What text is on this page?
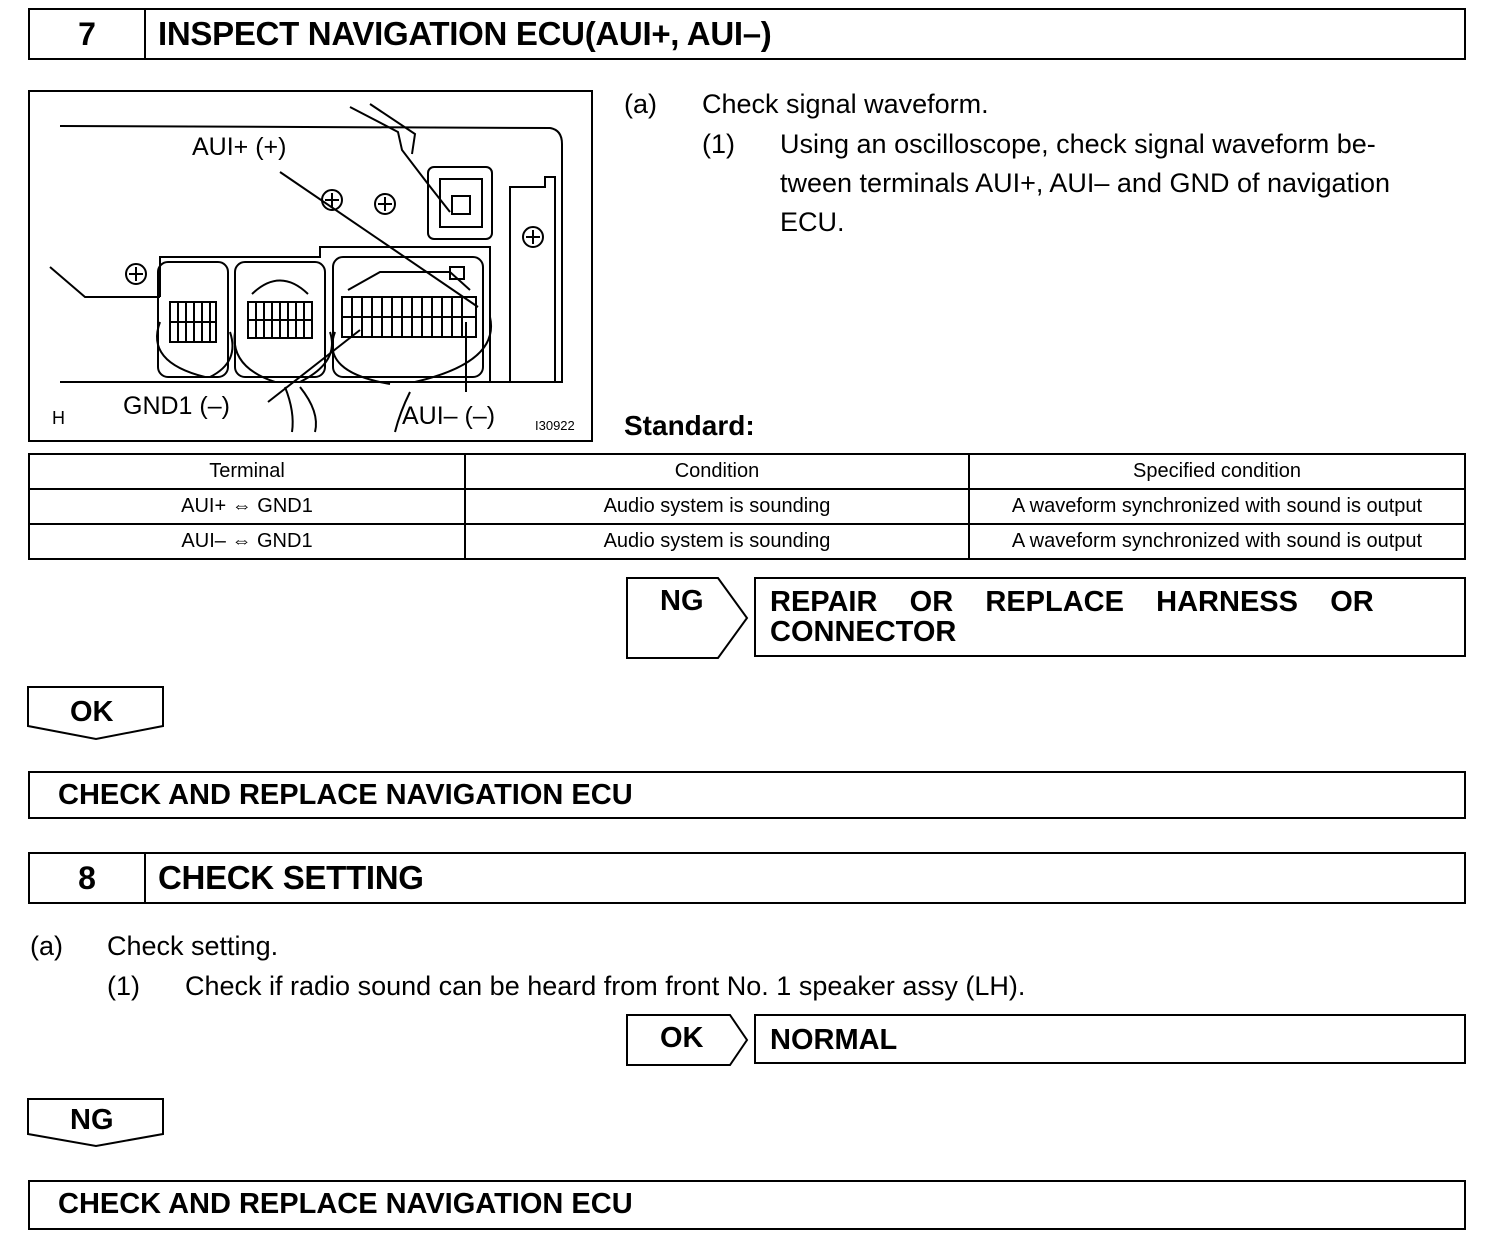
7	INSPECT NAVIGATION ECU(AUI+, AUI–)
AUI+ (+)
GND1 (–)	AUI– (–)
H	I30922
(a) Check signal waveform.
(1) Using an oscilloscope, check signal waveform be-
tween terminals AUI+, AUI– and GND of navigation
ECU.
Standard:
Terminal	Condition	Specified condition
AUI+ ⇔ GND1	Audio system is sounding	A waveform synchronized with sound is output
AUI– ⇔ GND1	Audio system is sounding	A waveform synchronized with sound is output
NG REPAIR    OR    REPLACE    HARNESS    OR
CONNECTOR
OK
CHECK AND REPLACE NAVIGATION ECU
8	CHECK SETTING
(a) Check setting.
(1) Check if radio sound can be heard from front No. 1 speaker assy (LH).
OK	NORMAL
NG
CHECK AND REPLACE NAVIGATION ECU
